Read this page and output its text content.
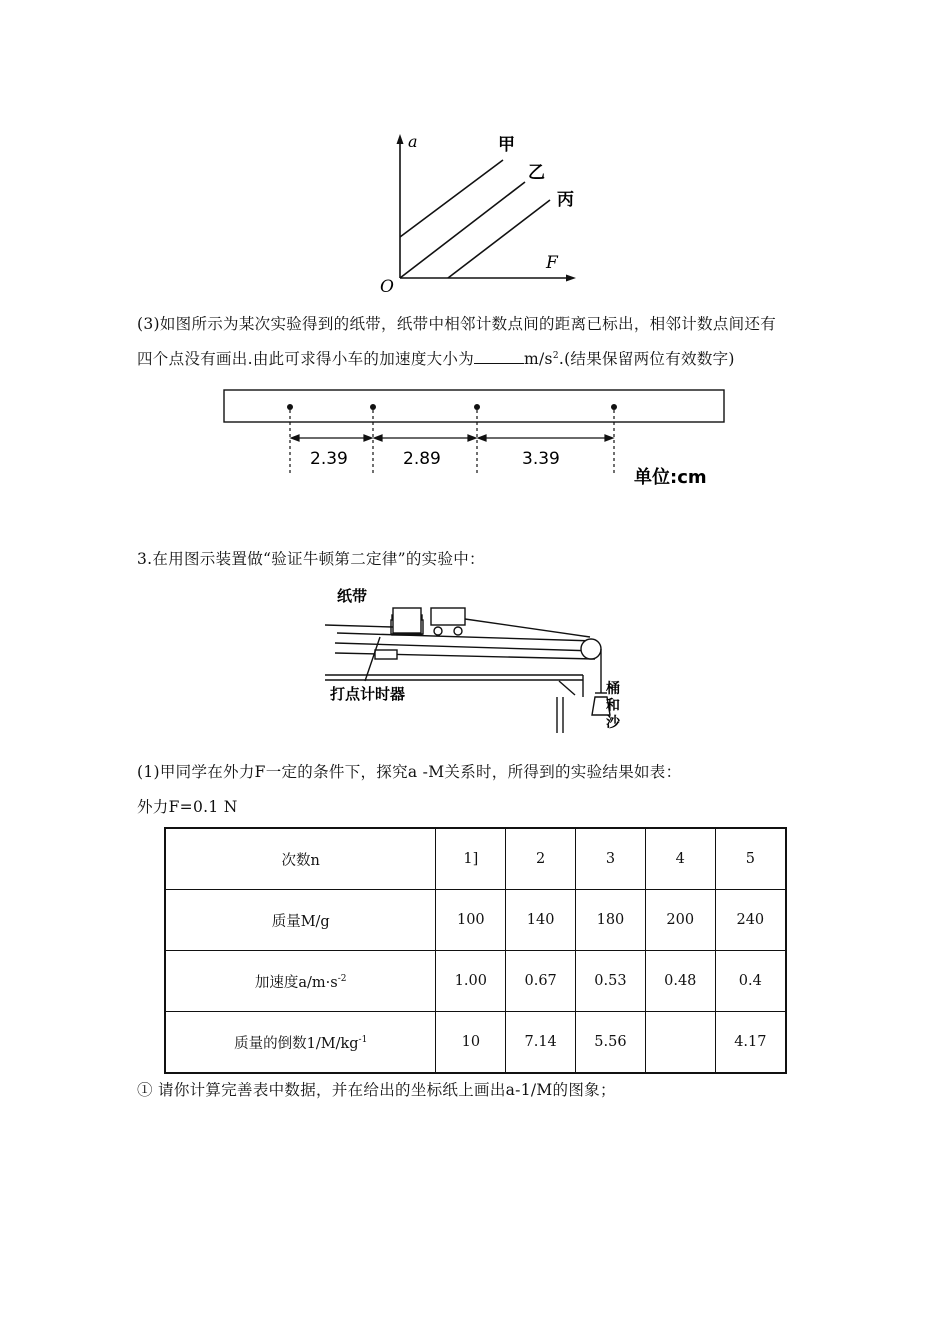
a
F
O
甲
乙
丙
(3)如图所示为某次实验得到的纸带，纸带中相邻计数点间的距离已标出，相邻计数点间还有
四个点没有画出.由此可求得小车的加速度大小为	$m/s^2$.(结果保留两位有效数字)
2.39	2.89	3.39
单位:cm
3.在用图示装置做“验证牛顿第二定律”的实验中：
纸带
打点计时器	桶
和
沙
(1)甲同学在外力F一定的条件下，探究a -M关系时，所得到的实验结果如表：
外力F=0.1 N
次数n	1]	2	3	4	5
质量M/g	100	140	180	200	240
加速度$a/m\cdot s^{-2}$	1.00	0.67	0.53	0.48	0.4
质量的倒数$1/M/kg^{-1}$	10	7.14	5.56		4.17
① 请你计算完善表中数据，并在给出的坐标纸上画出a-1/M的图象；
